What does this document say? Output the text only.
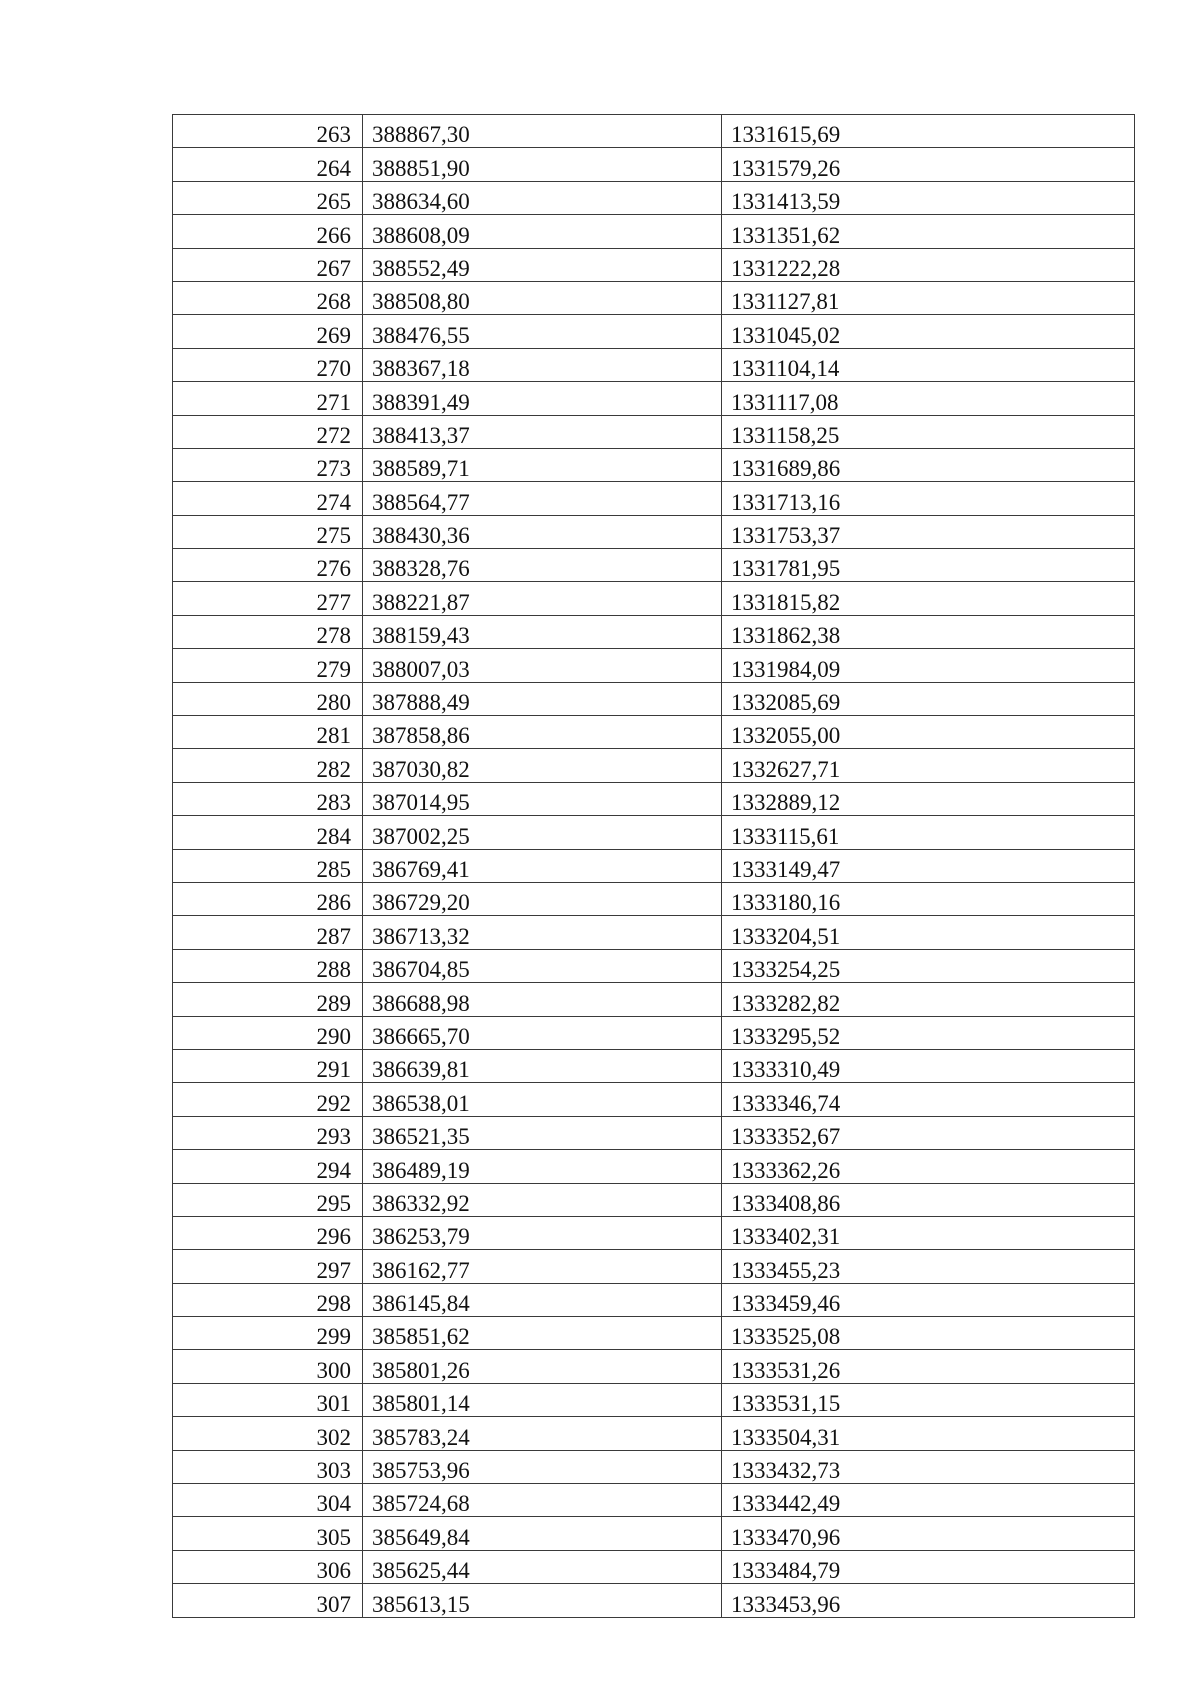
263	388867,30	1331615,69
264	388851,90	1331579,26
265	388634,60	1331413,59
266	388608,09	1331351,62
267	388552,49	1331222,28
268	388508,80	1331127,81
269	388476,55	1331045,02
270	388367,18	1331104,14
271	388391,49	1331117,08
272	388413,37	1331158,25
273	388589,71	1331689,86
274	388564,77	1331713,16
275	388430,36	1331753,37
276	388328,76	1331781,95
277	388221,87	1331815,82
278	388159,43	1331862,38
279	388007,03	1331984,09
280	387888,49	1332085,69
281	387858,86	1332055,00
282	387030,82	1332627,71
283	387014,95	1332889,12
284	387002,25	1333115,61
285	386769,41	1333149,47
286	386729,20	1333180,16
287	386713,32	1333204,51
288	386704,85	1333254,25
289	386688,98	1333282,82
290	386665,70	1333295,52
291	386639,81	1333310,49
292	386538,01	1333346,74
293	386521,35	1333352,67
294	386489,19	1333362,26
295	386332,92	1333408,86
296	386253,79	1333402,31
297	386162,77	1333455,23
298	386145,84	1333459,46
299	385851,62	1333525,08
300	385801,26	1333531,26
301	385801,14	1333531,15
302	385783,24	1333504,31
303	385753,96	1333432,73
304	385724,68	1333442,49
305	385649,84	1333470,96
306	385625,44	1333484,79
307	385613,15	1333453,96
